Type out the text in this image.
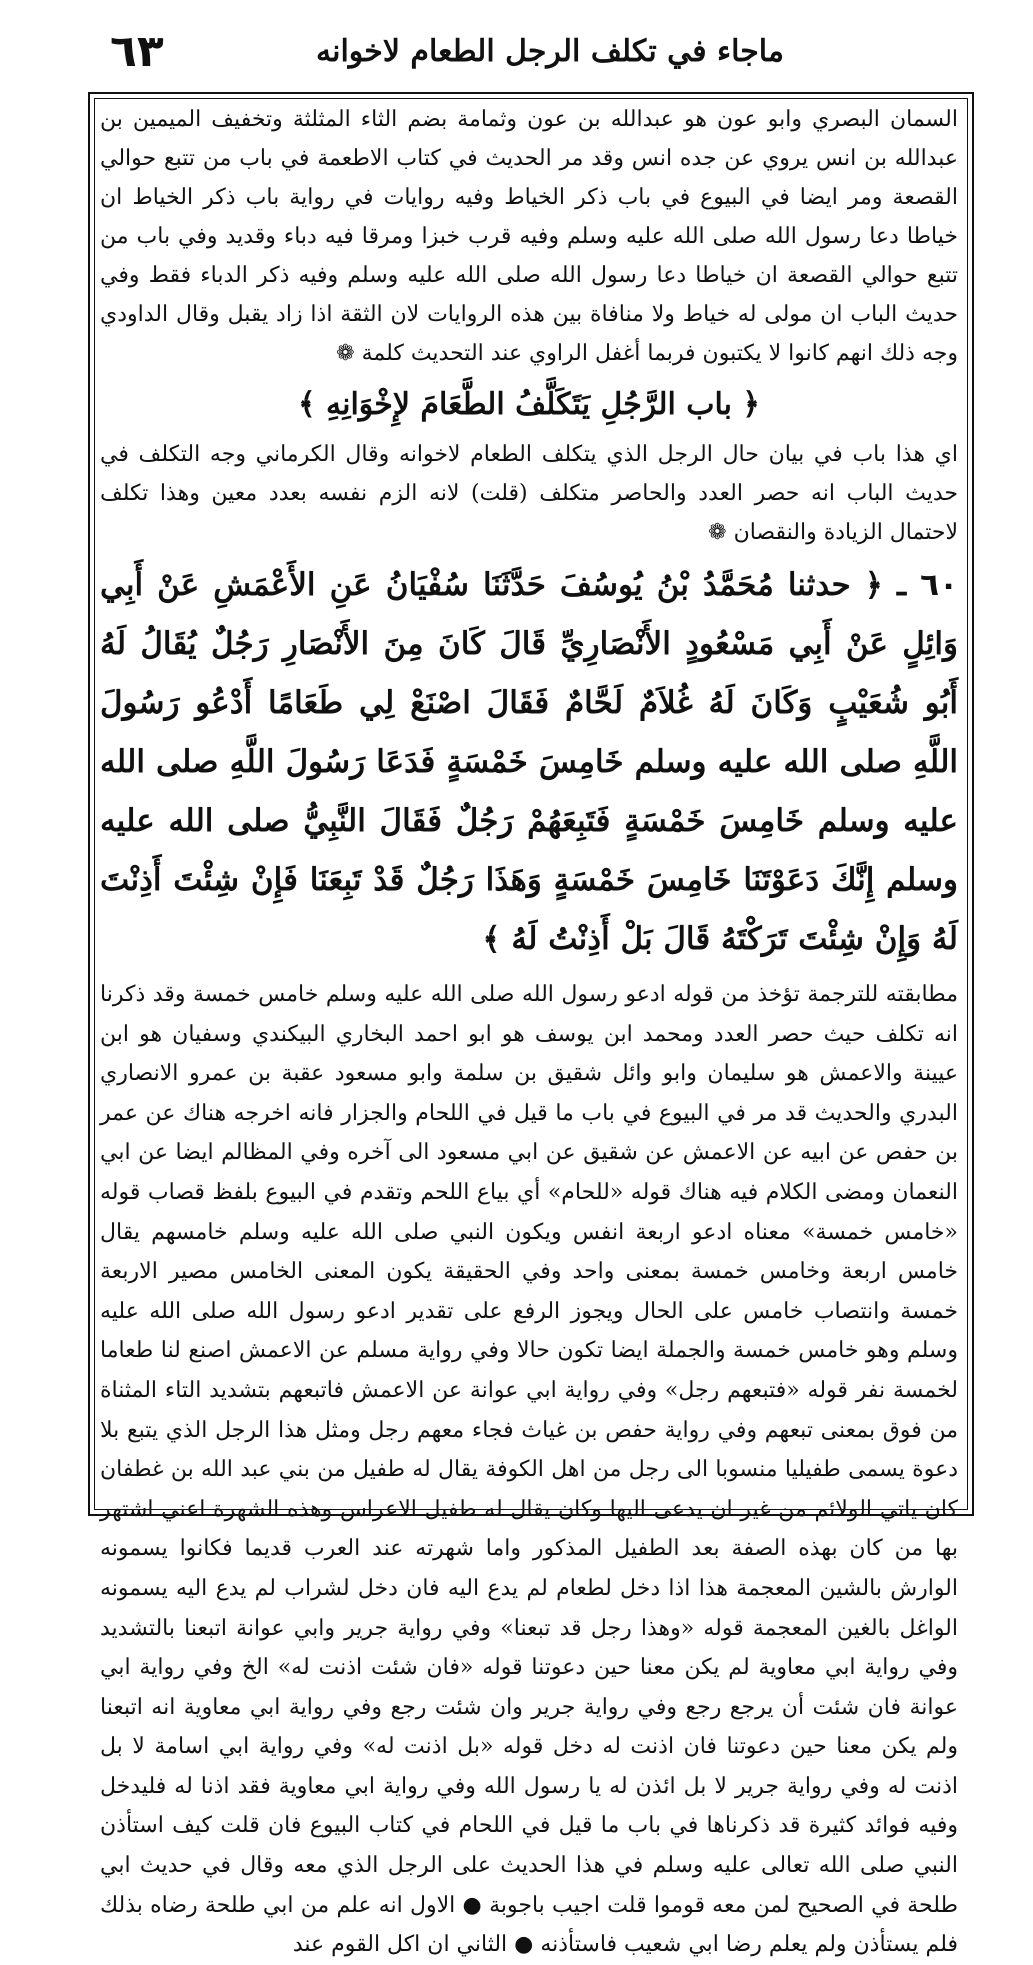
٦٣	ماجاء في تكلف الرجل الطعام لاخوانه

السمان البصري وابو عون هو عبدالله بن عون وثمامة بضم الثاء المثلثة وتخفيف الميمين بن عبدالله بن انس يروي عن جده انس وقد مر الحديث في كتاب الاطعمة في باب من تتبع حوالي القصعة ومر ايضا في البيوع في باب ذكر الخياط وفيه روايات في رواية باب ذكر الخياط ان خياطا دعا رسول الله صلى الله عليه وسلم وفيه قرب خبزا ومرقا فيه دباء وقديد وفي باب من تتبع حوالي القصعة ان خياطا دعا رسول الله صلى الله عليه وسلم وفيه ذكر الدباء فقط وفي حديث الباب ان مولى له خياط ولا منافاة بين هذه الروايات لان الثقة اذا زاد يقبل وقال الداودي وجه ذلك انهم كانوا لا يكتبون فربما أغفل الراوي عند التحديث كلمة ❁

﴿ باب الرَّجُلِ يَتَكَلَّفُ الطَّعَامَ لإِخْوَانِهِ ﴾

اي هذا باب في بيان حال الرجل الذي يتكلف الطعام لاخوانه وقال الكرماني وجه التكلف في حديث الباب انه حصر العدد والحاصر متكلف (قلت) لانه الزم نفسه بعدد معين وهذا تكلف لاحتمال الزيادة والنقصان ❁

٦٠ ـ ﴿ حدثنا مُحَمَّدُ بْنُ يُوسُفَ حَدَّثَنَا سُفْيَانُ عَنِ الأَعْمَشِ عَنْ أَبِي وَائِلٍ عَنْ أَبِي مَسْعُودٍ الأَنْصَارِيِّ قَالَ كَانَ مِنَ الأَنْصَارِ رَجُلٌ يُقَالُ لَهُ أَبُو شُعَيْبٍ وَكَانَ لَهُ غُلاَمٌ لَحَّامٌ فَقَالَ اصْنَعْ لِي طَعَامًا أَدْعُو رَسُولَ اللَّهِ صلى الله عليه وسلم خَامِسَ خَمْسَةٍ فَدَعَا رَسُولَ اللَّهِ صلى الله عليه وسلم خَامِسَ خَمْسَةٍ فَتَبِعَهُمْ رَجُلٌ فَقَالَ النَّبِيُّ صلى الله عليه وسلم إِنَّكَ دَعَوْتَنَا خَامِسَ خَمْسَةٍ وَهَذَا رَجُلٌ قَدْ تَبِعَنَا فَإِنْ شِئْتَ أَذِنْتَ لَهُ وَإِنْ شِئْتَ تَرَكْتَهُ قَالَ بَلْ أَذِنْتُ لَهُ ﴾

مطابقته للترجمة تؤخذ من قوله ادعو رسول الله صلى الله عليه وسلم خامس خمسة وقد ذكرنا انه تكلف حيث حصر العدد ومحمد ابن يوسف هو ابو احمد البخاري البيكندي وسفيان هو ابن عيينة والاعمش هو سليمان وابو وائل شقيق بن سلمة وابو مسعود عقبة بن عمرو الانصاري البدري والحديث قد مر في البيوع في باب ما قيل في اللحام والجزار فانه اخرجه هناك عن عمر بن حفص عن ابيه عن الاعمش عن شقيق عن ابي مسعود الى آخره وفي المظالم ايضا عن ابي النعمان ومضى الكلام فيه هناك قوله «للحام» أي بياع اللحم وتقدم في البيوع بلفظ قصاب قوله «خامس خمسة» معناه ادعو اربعة انفس ويكون النبي صلى الله عليه وسلم خامسهم يقال خامس اربعة وخامس خمسة بمعنى واحد وفي الحقيقة يكون المعنى الخامس مصير الاربعة خمسة وانتصاب خامس على الحال ويجوز الرفع على تقدير ادعو رسول الله صلى الله عليه وسلم وهو خامس خمسة والجملة ايضا تكون حالا وفي رواية مسلم عن الاعمش اصنع لنا طعاما لخمسة نفر قوله «فتبعهم رجل» وفي رواية ابي عوانة عن الاعمش فاتبعهم بتشديد التاء المثناة من فوق بمعنى تبعهم وفي رواية حفص بن غياث فجاء معهم رجل ومثل هذا الرجل الذي يتبع بلا دعوة يسمى طفيليا منسوبا الى رجل من اهل الكوفة يقال له طفيل من بني عبد الله بن غطفان كان ياتي الولائم من غير ان يدعى اليها وكان يقال له طفيل الاعراس وهذه الشهرة اعني اشتهر بها من كان بهذه الصفة بعد الطفيل المذكور واما شهرته عند العرب قديما فكانوا يسمونه الوارش بالشين المعجمة هذا اذا دخل لطعام لم يدع اليه فان دخل لشراب لم يدع اليه يسمونه الواغل بالغين المعجمة قوله «وهذا رجل قد تبعنا» وفي رواية جرير وابي عوانة اتبعنا بالتشديد وفي رواية ابي معاوية لم يكن معنا حين دعوتنا قوله «فان شئت اذنت له» الخ وفي رواية ابي عوانة فان شئت أن يرجع رجع وفي رواية جرير وان شئت رجع وفي رواية ابي معاوية انه اتبعنا ولم يكن معنا حين دعوتنا فان اذنت له دخل قوله «بل اذنت له» وفي رواية ابي اسامة لا بل اذنت له وفي رواية جرير لا بل ائذن له يا رسول الله وفي رواية ابي معاوية فقد اذنا له فليدخل وفيه فوائد كثيرة قد ذكرناها في باب ما قيل في اللحام في كتاب البيوع فان قلت كيف استأذن النبي صلى الله تعالى عليه وسلم في هذا الحديث على الرجل الذي معه وقال في حديث ابي طلحة في الصحيح لمن معه قوموا قلت اجيب باجوبة ● الاول انه علم من ابي طلحة رضاه بذلك فلم يستأذن ولم يعلم رضا ابي شعيب فاستأذنه ● الثاني ان اكل القوم عند
